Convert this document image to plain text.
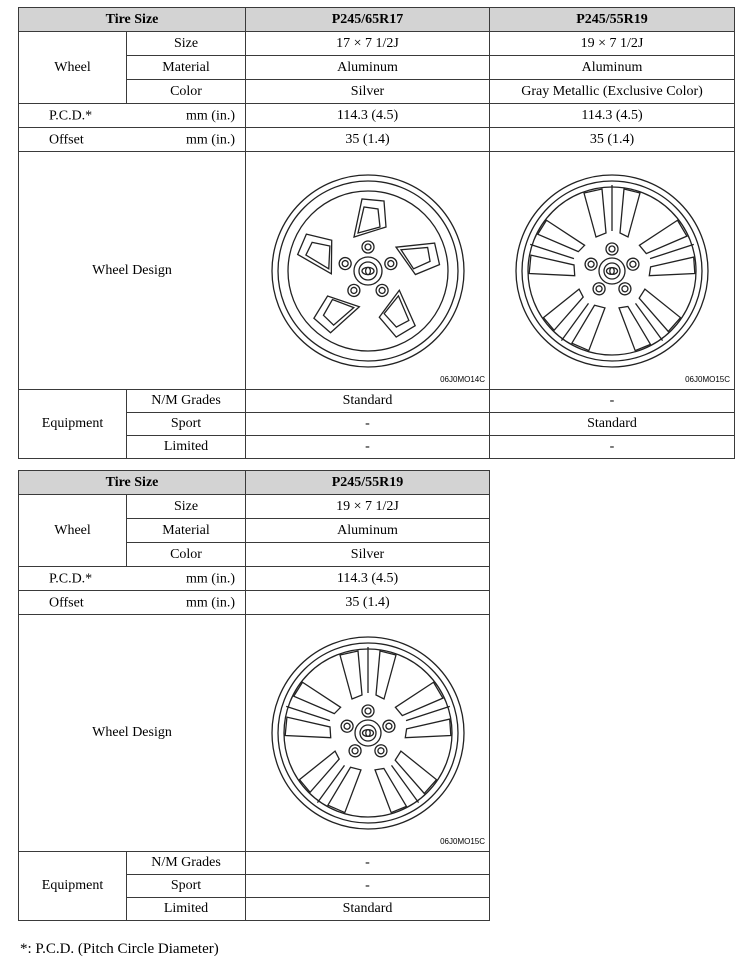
Tire Size		P245/65R17	P245/55R19
Wheel	Size	17 × 7 1/2J	19 × 7 1/2J
	Material	Aluminum	Aluminum
	Color	Silver	Gray Metallic (Exclusive Color)

P.C.D.* mm (in.)		114.3 (4.5)	114.3 (4.5)

Offset mm (in.)		35 (1.4)	35 (1.4)
Wheel Design		06J0MO14C	06J0MO15C

Equipment	N/M Grades	Standard	-
	Sport	-	Standard
	Limited	-	-
Tire Size		P245/55R19
Wheel	Size	19 × 7 1/2J
	Material	Aluminum
	Color	Silver

P.C.D.* mm (in.)		114.3 (4.5)

Offset mm (in.)		35 (1.4)
Wheel Design		06J0MO15C

Equipment	N/M Grades	-
	Sport	-
	Limited	Standard
*: P.C.D. (Pitch Circle Diameter)
